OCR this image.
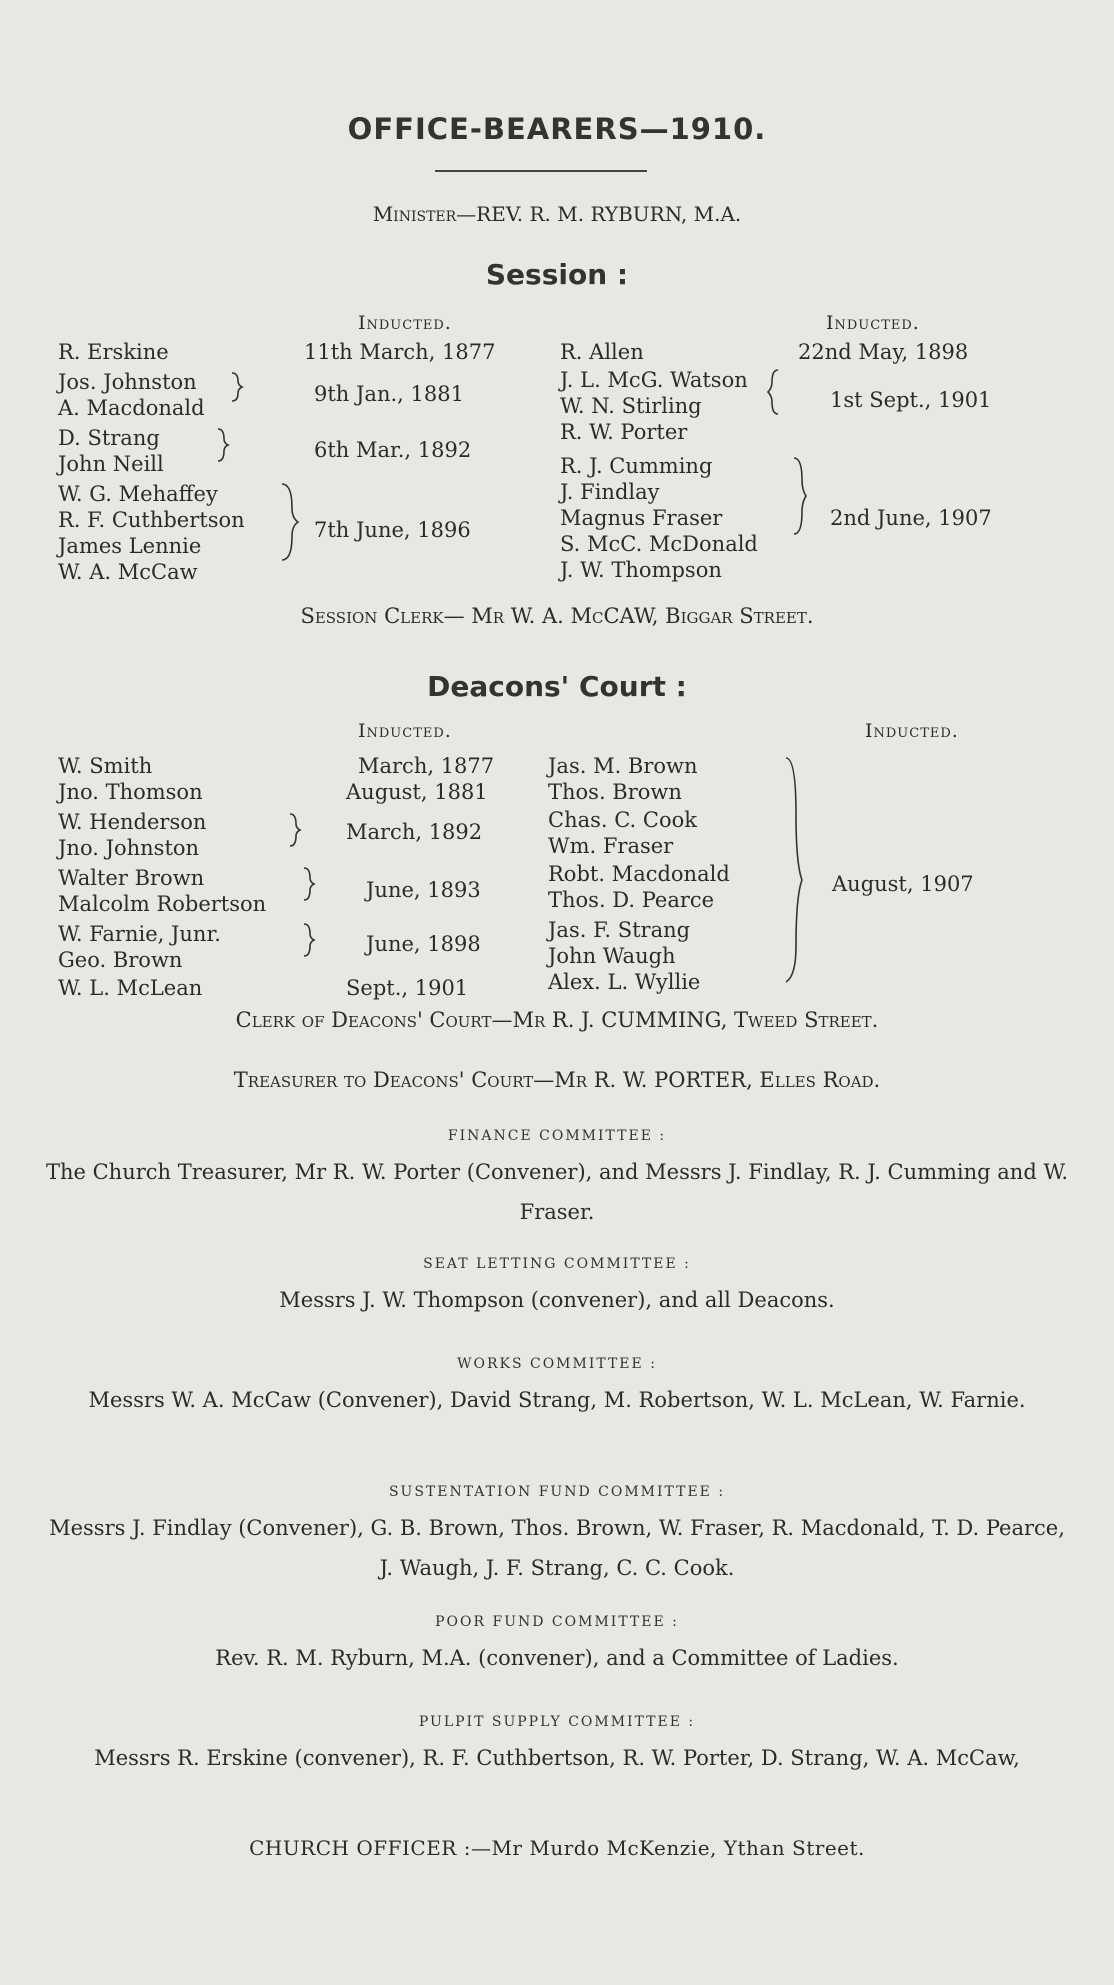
OFFICE-BEARERS—1910.
Minister—REV. R. M. RYBURN, M.A.
Session :
Inducted.	Inducted.
R. Erskine
Jos. Johnston
A. Macdonald
D. Strang
John Neill
W. G. Mehaffey
R. F. Cuthbertson
James Lennie
W. A. McCaw
11th March, 1877
9th Jan., 1881
6th Mar., 1892
7th June, 1896
R. Allen
J. L. McG. Watson
W. N. Stirling
R. W. Porter
R. J. Cumming
J. Findlay
Magnus Fraser
S. McC. McDonald
J. W. Thompson
22nd May, 1898
1st Sept., 1901
2nd June, 1907
Session Clerk— Mr W. A. McCAW, Biggar Street.
Deacons' Court :
Inducted.	Inducted.
W. Smith
Jno. Thomson
W. Henderson
Jno. Johnston
Walter Brown
Malcolm Robertson
W. Farnie, Junr.
Geo. Brown
W. L. McLean
March, 1877
August, 1881
March, 1892
June, 1893
June, 1898
Sept., 1901
Jas. M. Brown
Thos. Brown
Chas. C. Cook
Wm. Fraser
Robt. Macdonald
Thos. D. Pearce
Jas. F. Strang
John Waugh
Alex. L. Wyllie
August, 1907
Clerk of Deacons' Court—Mr R. J. CUMMING, Tweed Street.
Treasurer to Deacons' Court—Mr R. W. PORTER, Elles Road.
FINANCE COMMITTEE :
The Church Treasurer, Mr R. W. Porter (Convener), and Messrs J. Findlay, R. J. Cumming and W. Fraser.
SEAT LETTING COMMITTEE :
Messrs J. W. Thompson (convener), and all Deacons.
WORKS COMMITTEE :
Messrs W. A. McCaw (Convener), David Strang, M. Robertson, W. L. McLean, W. Farnie.
SUSTENTATION FUND COMMITTEE :
Messrs J. Findlay (Convener), G. B. Brown, Thos. Brown, W. Fraser, R. Macdonald, T. D. Pearce, J. Waugh, J. F. Strang, C. C. Cook.
POOR FUND COMMITTEE :
Rev. R. M. Ryburn, M.A. (convener), and a Committee of Ladies.
PULPIT SUPPLY COMMITTEE :
Messrs R. Erskine (convener), R. F. Cuthbertson, R. W. Porter, D. Strang, W. A. McCaw,
CHURCH OFFICER :—Mr Murdo McKenzie, Ythan Street.
